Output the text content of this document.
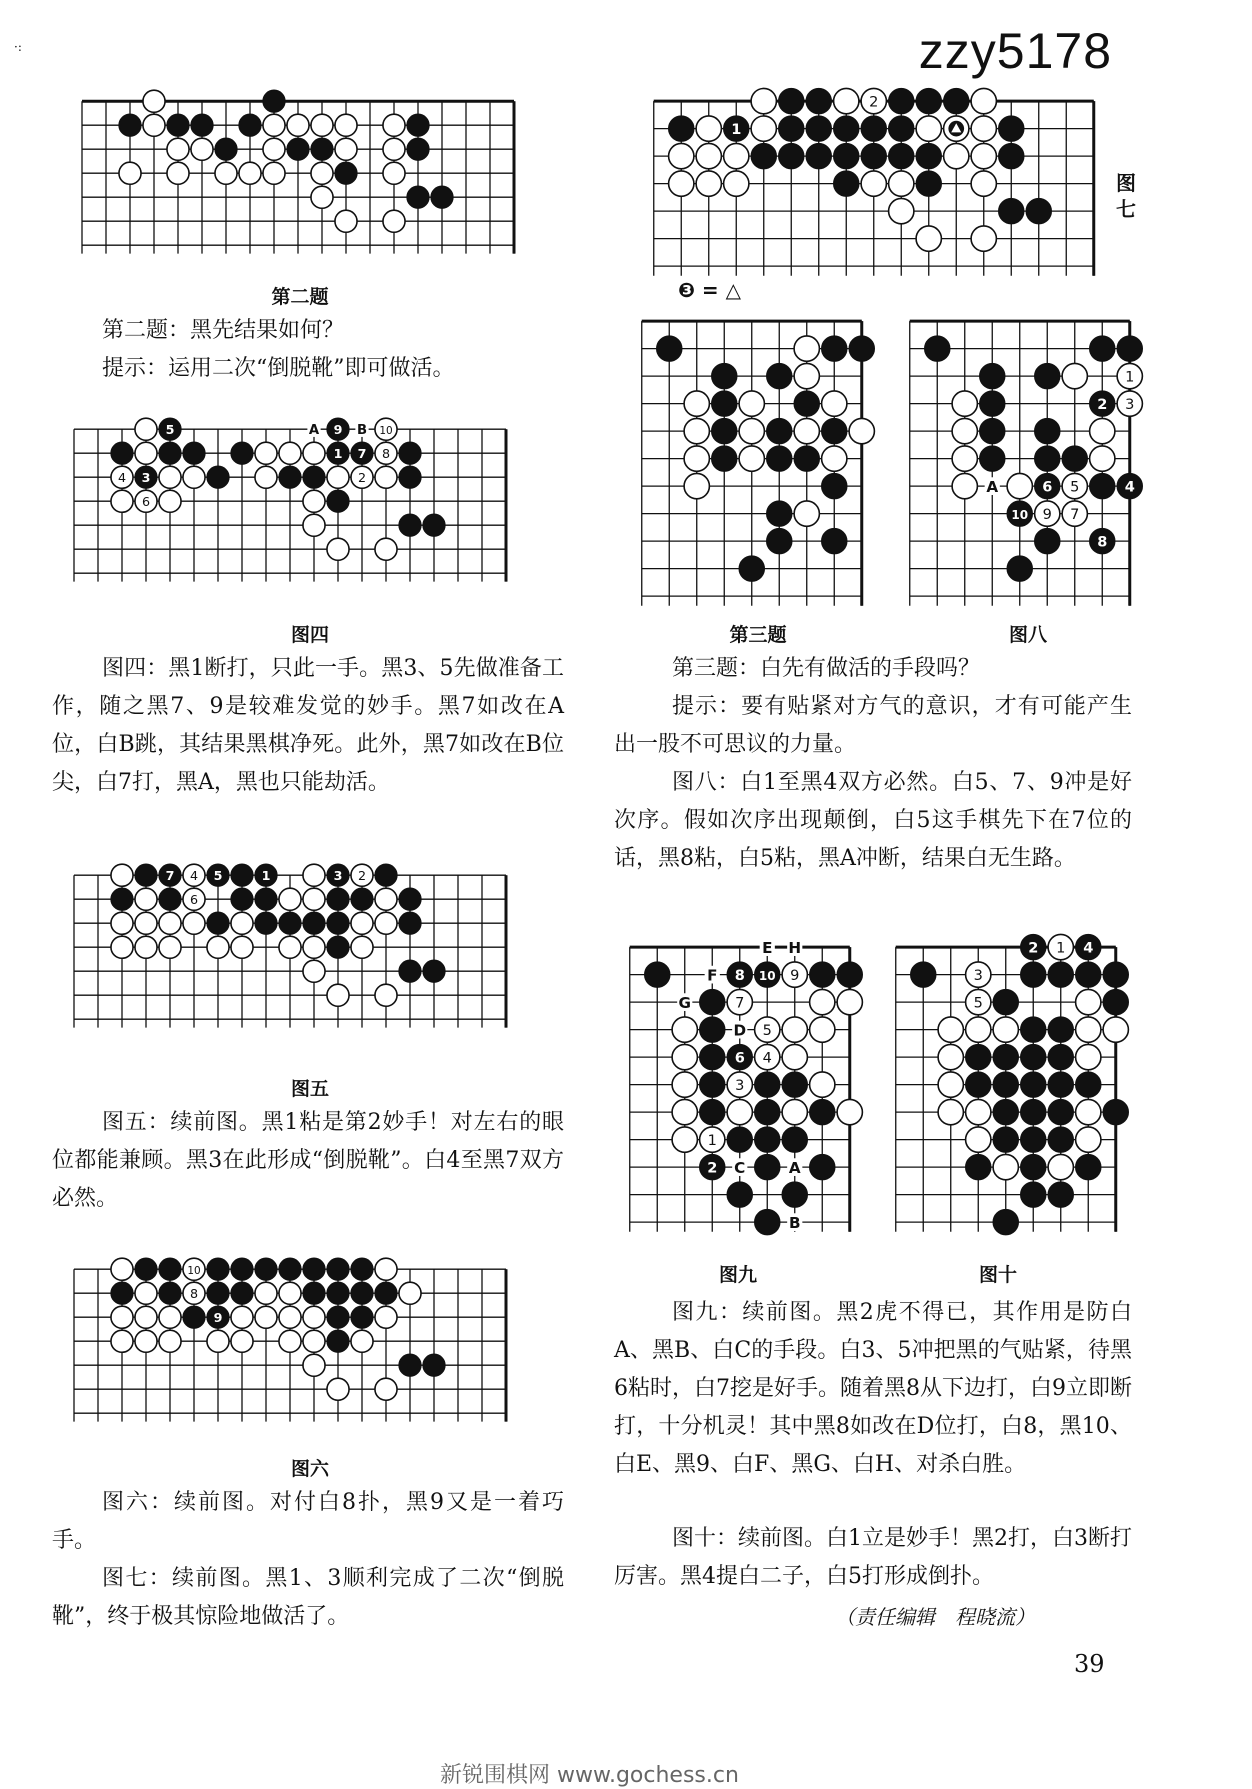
·:	zzy5178
第二题

第二题：黑先结果如何？

提示：运用二次“倒脱靴”即可做活。

5
3
4
6
9 B
A	10
1 7 8
2
图四

图四：黑1断打，只此一手。黑3、5先做准备工作，随之黑7、9是较难发觉的妙手。黑7如改在A位，白B跳，其结果黑棋净死。此外，黑7如改在B位尖，白7打，黑A，黑也只能劫活。

7 4 5	1	3 2
6
图五

图五：续前图。黑1粘是第2妙手！对左右的眼位都能兼顾。黑3在此形成“倒脱靴”。白4至黑7双方必然。

10
8
9
图六

图六：续前图。对付白8扑，黑9又是一着巧手。

图七：续前图。黑1、3顺利完成了二次“倒脱靴”，终于极其惊险地做活了。

1
2
图七
❸ = △
第三题
1
2 3
4
6 5
A
10 9 7
8
图八

第三题：白先有做活的手段吗？

提示：要有贴紧对方气的意识，才有可能产生出一股不可思议的力量。

图八：白1至黑4双方必然。白5、7、9冲是好次序。假如次序出现颠倒，白5这手棋先下在7位的话，黑8粘，白5粘，黑A冲断，结果白无生路。

E H
F 8 10 9
G	7
D 5
6 4
3
1
2 C	A
B
图九
2 1 4
3
5
图十

图九：续前图。黑2虎不得已，其作用是防白A、黑B、白C的手段。白3、5冲把黑的气贴紧，待黑6粘时，白7挖是好手。随着黑8从下边打，白9立即断打，十分机灵！其中黑8如改在D位打，白8，黑10、白E、黑9、白F、黑G、白H、对杀白胜。

图十：续前图。白1立是妙手！黑2打，白3断打厉害。黑4提白二子，白5打形成倒扑。

（责任编辑　程晓流）

39
新锐围棋网 www.gochess.cn
